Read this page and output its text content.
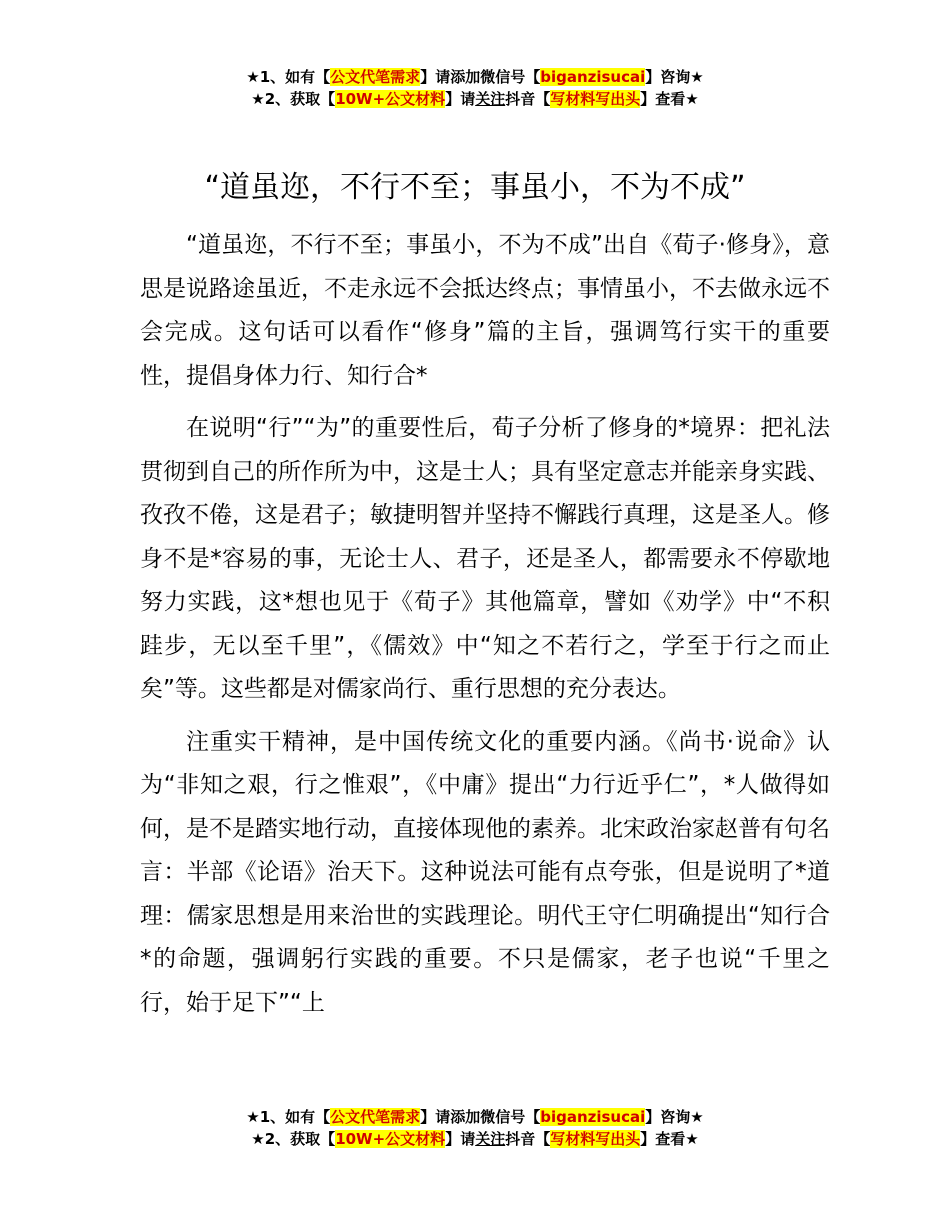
★1、如有【公文代笔需求】请添加微信号【biganzisucai】咨询★
★2、获取【10W+公文材料】请关注抖音【写材料写出头】查看★
“道虽迩，不行不至；事虽小，不为不成”

“道虽迩，不行不至；事虽小，不为不成”出自《荀子·修身》，意思是说路途虽近，不走永远不会抵达终点；事情虽小，不去做永远不会完成。这句话可以看作“修身”篇的主旨，强调笃行实干的重要性，提倡身体力行、知行合*

在说明“行”“为”的重要性后，荀子分析了修身的*境界：把礼法贯彻到自己的所作所为中，这是士人；具有坚定意志并能亲身实践、孜孜不倦，这是君子；敏捷明智并坚持不懈践行真理，这是圣人。修身不是*容易的事，无论士人、君子，还是圣人，都需要永不停歇地努力实践，这*想也见于《荀子》其他篇章，譬如《劝学》中“不积跬步，无以至千里”，《儒效》中“知之不若行之，学至于行之而止矣”等。这些都是对儒家尚行、重行思想的充分表达。

注重实干精神，是中国传统文化的重要内涵。《尚书·说命》认为“非知之艰，行之惟艰”，《中庸》提出“力行近乎仁”，*人做得如何，是不是踏实地行动，直接体现他的素养。北宋政治家赵普有句名言：半部《论语》治天下。这种说法可能有点夸张，但是说明了*道理：儒家思想是用来治世的实践理论。明代王守仁明确提出“知行合*的命题，强调躬行实践的重要。不只是儒家，老子也说“千里之行，始于足下”“上

★1、如有【公文代笔需求】请添加微信号【biganzisucai】咨询★
★2、获取【10W+公文材料】请关注抖音【写材料写出头】查看★
